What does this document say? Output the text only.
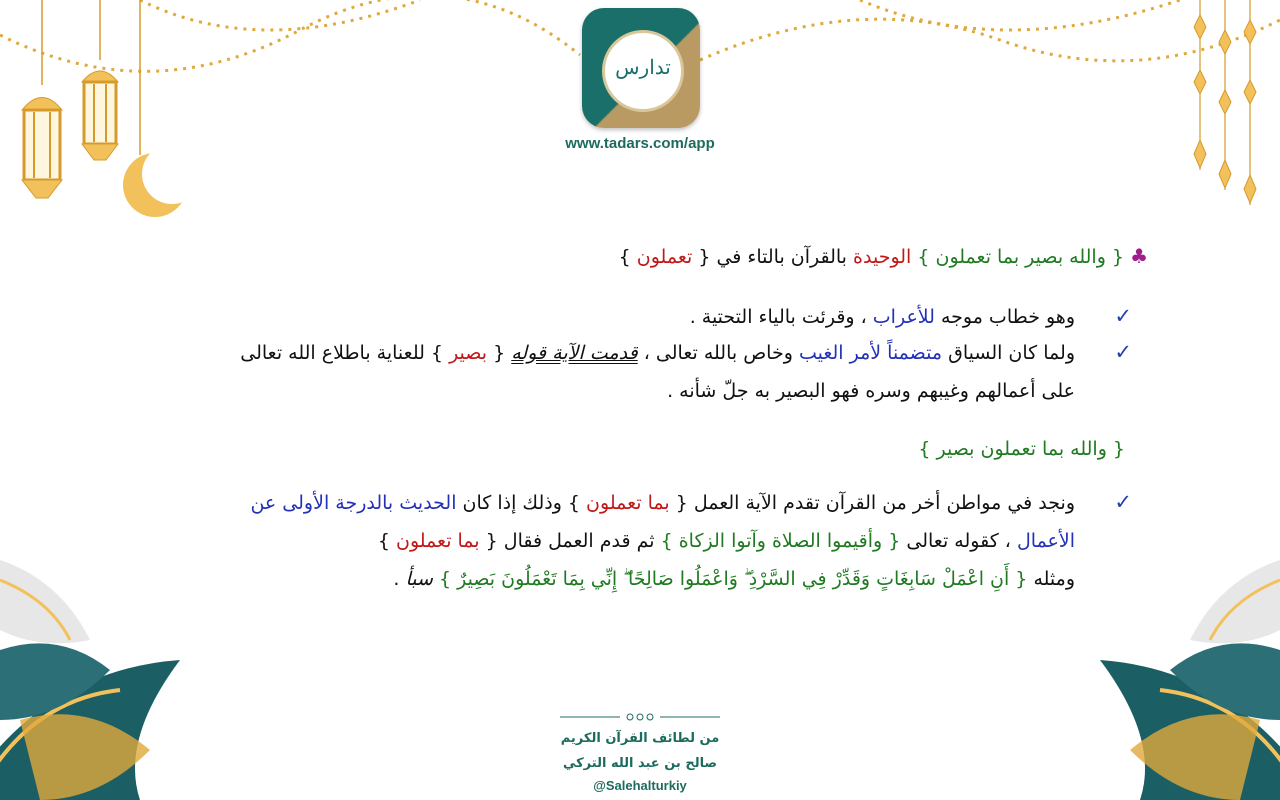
تدارس
www.tadars.com/app
♣ { والله بصير بما تعملون } الوحيدة بالقرآن بالتاء في { تعملون }
✓
وهو خطاب موجه للأعراب ، وقرئت بالياء التحتية .
✓
ولما كان السياق متضمناً لأمر الغيب وخاص بالله تعالى ، قدمت الآية قوله { بصير } للعناية باطلاع الله تعالى
على أعمالهم وغيبهم وسره فهو البصير به جلّ شأنه .
{ والله بما تعملون بصير }
✓
ونجد في مواطن أخر من القرآن تقدم الآية العمل { بما تعملون } وذلك إذا كان الحديث بالدرجة الأولى عن
الأعمال ، كقوله تعالى { وأقيموا الصلاة وآتوا الزكاة } ثم قدم العمل فقال { بما تعملون }
ومثله { أَنِ اعْمَلْ سَابِغَاتٍ وَقَدِّرْ فِي السَّرْدِ ۖ وَاعْمَلُوا صَالِحًا ۖ إِنِّي بِمَا تَعْمَلُونَ بَصِيرٌ } سبأ .
من لطائف القرآن الكريم
صالح بن عبد الله التركي
@Salehalturkiy
